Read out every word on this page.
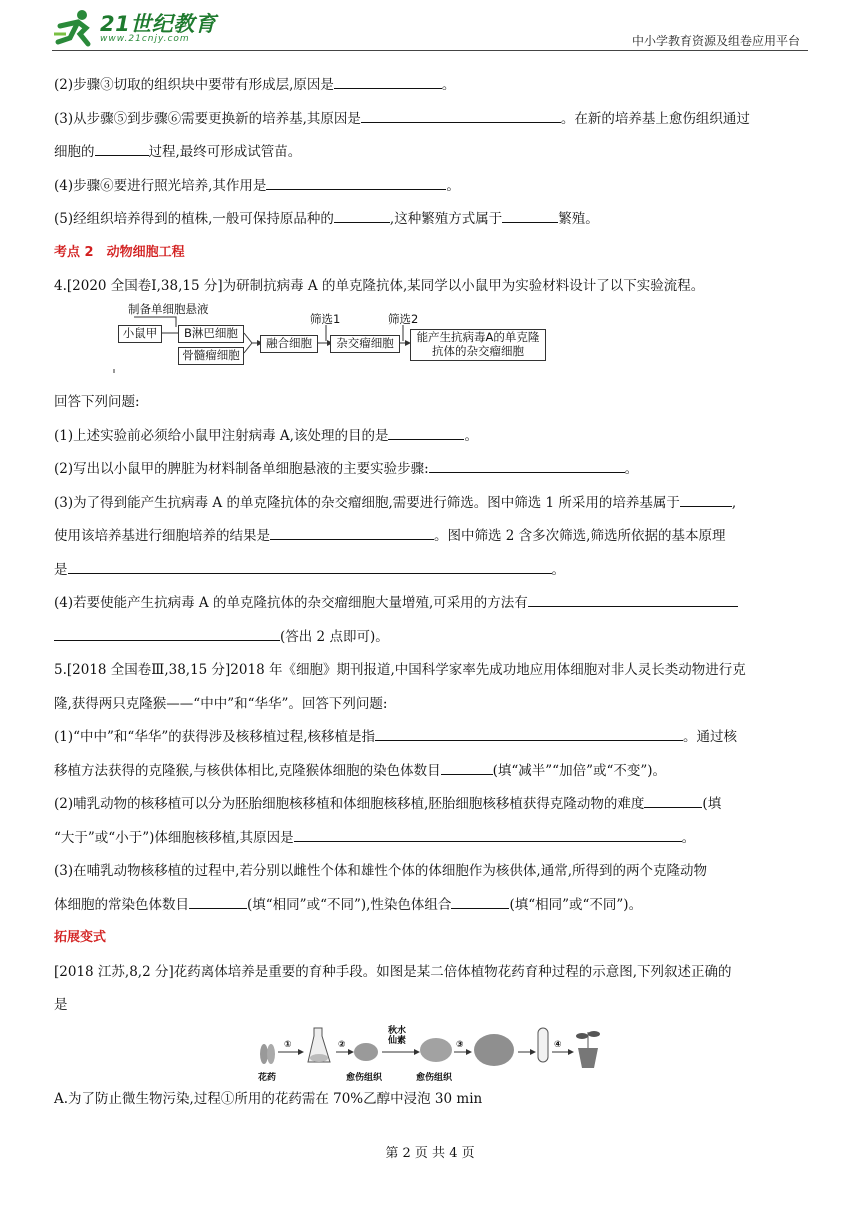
21世纪教育
www.21cnjy.com	中小学教育资源及组卷应用平台
(2)步骤③切取的组织块中要带有形成层,原因是	。
(3)从步骤⑤到步骤⑥需要更换新的培养基,其原因是	。在新的培养基上愈伤组织通过
细胞的	过程,最终可形成试管苗。
(4)步骤⑥要进行照光培养,其作用是	。
(5)经组织培养得到的植株,一般可保持原品种的	,这种繁殖方式属于	繁殖。
考点 2　动物细胞工程
4.[2020 全国卷Ⅰ,38,15 分]为研制抗病毒 A 的单克隆抗体,某同学以小鼠甲为实验材料设计了以下实验流程。
制备单细胞悬液
小鼠甲	B淋巴细胞
骨髓瘤细胞
融合细胞	杂交瘤细胞	能产生抗病毒A的单克隆抗体的杂交瘤细胞
筛选1	筛选2
回答下列问题:
(1)上述实验前必须给小鼠甲注射病毒 A,该处理的目的是	。
(2)写出以小鼠甲的脾脏为材料制备单细胞悬液的主要实验步骤:	。
(3)为了得到能产生抗病毒 A 的单克隆抗体的杂交瘤细胞,需要进行筛选。图中筛选 1 所采用的培养基属于	,
使用该培养基进行细胞培养的结果是	。图中筛选 2 含多次筛选,筛选所依据的基本原理
是	。
(4)若要使能产生抗病毒 A 的单克隆抗体的杂交瘤细胞大量增殖,可采用的方法有
(答出 2 点即可)。
5.[2018 全国卷Ⅲ,38,15 分]2018 年《细胞》期刊报道,中国科学家率先成功地应用体细胞对非人灵长类动物进行克
隆,获得两只克隆猴——“中中”和“华华”。回答下列问题:
(1)“中中”和“华华”的获得涉及核移植过程,核移植是指	。通过核
移植方法获得的克隆猴,与核供体相比,克隆猴体细胞的染色体数目	(填“减半”“加倍”或“不变”)。
(2)哺乳动物的核移植可以分为胚胎细胞核移植和体细胞核移植,胚胎细胞核移植获得克隆动物的难度	(填
“大于”或“小于”)体细胞核移植,其原因是	。
(3)在哺乳动物核移植的过程中,若分别以雌性个体和雄性个体的体细胞作为核供体,通常,所得到的两个克隆动物
体细胞的常染色体数目	(填“相同”或“不同”),性染色体组合	(填“相同”或“不同”)。
拓展变式
[2018 江苏,8,2 分]花药离体培养是重要的育种手段。如图是某二倍体植物花药育种过程的示意图,下列叙述正确的
是
①	②	③	④
秋水仙素
花药	愈伤组织	愈伤组织
A.为了防止微生物污染,过程①所用的花药需在 70%乙醇中浸泡 30 min
第 2 页 共 4 页
